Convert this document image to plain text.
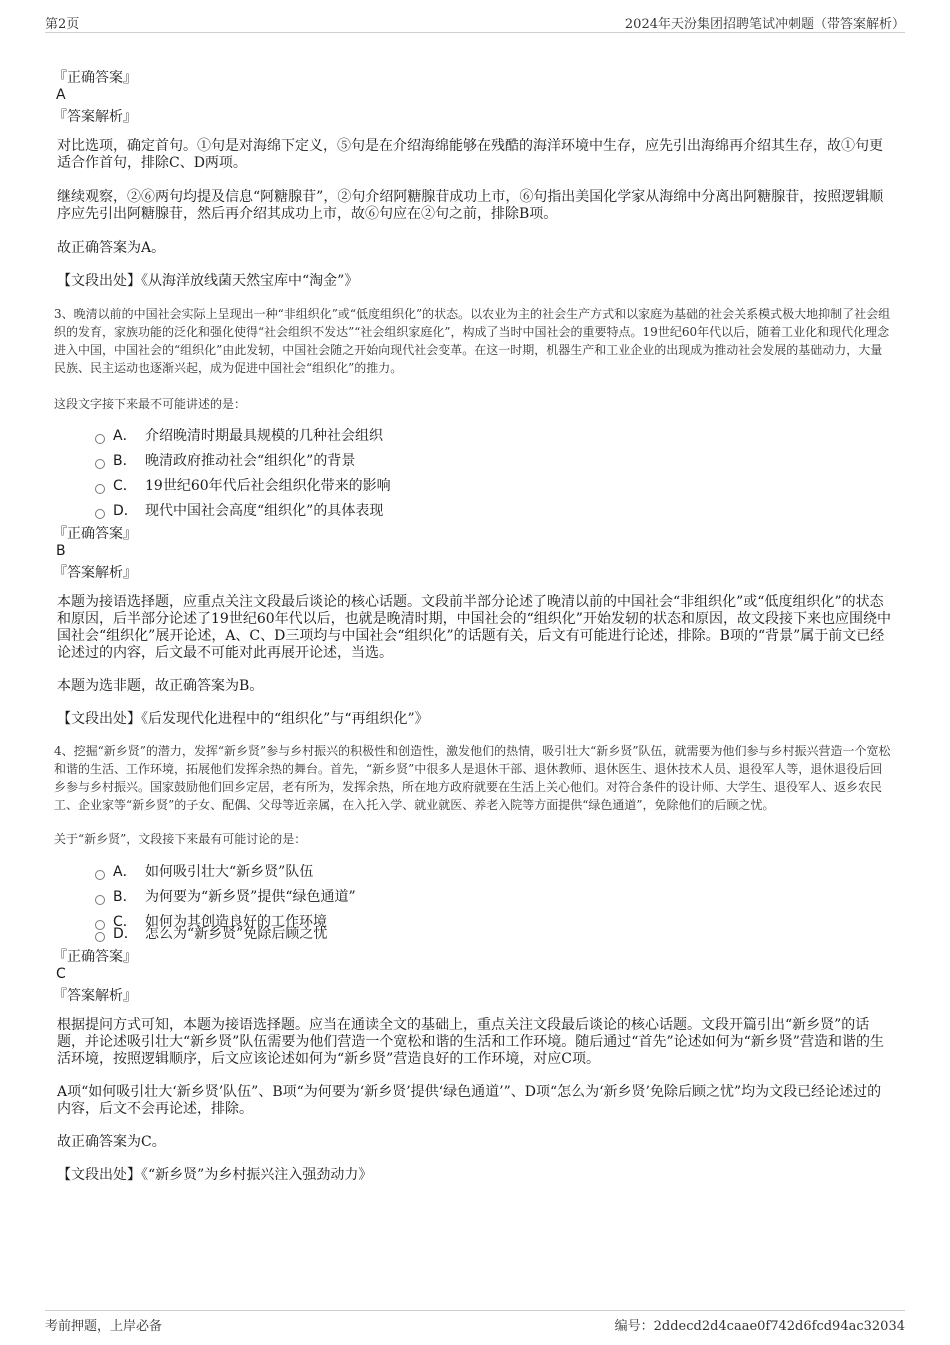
第2页	2024年天汾集团招聘笔试冲刺题（带答案解析）

『正确答案』

A

『答案解析』

对比选项，确定首句。①句是对海绵下定义，⑤句是在介绍海绵能够在残酷的海洋环境中生存，应先引出海绵再介绍其生存，故①句更适合作首句，排除C、D两项。

继续观察，②⑥两句均提及信息“阿糖腺苷”，②句介绍阿糖腺苷成功上市，⑥句指出美国化学家从海绵中分离出阿糖腺苷，按照逻辑顺序应先引出阿糖腺苷，然后再介绍其成功上市，故⑥句应在②句之前，排除B项。

故正确答案为A。

【文段出处】《从海洋放线菌天然宝库中“淘金”》

3、晚清以前的中国社会实际上呈现出一种“非组织化”或“低度组织化”的状态。以农业为主的社会生产方式和以家庭为基础的社会关系模式极大地抑制了社会组织的发育，家族功能的泛化和强化使得“社会组织不发达”“社会组织家庭化”，构成了当时中国社会的重要特点。19世纪60年代以后，随着工业化和现代化理念进入中国，中国社会的“组织化”由此发轫，中国社会随之开始向现代社会变革。在这一时期，机器生产和工业企业的出现成为推动社会发展的基础动力，大量民族、民主运动也逐渐兴起，成为促进中国社会“组织化”的推力。

这段文字接下来最不可能讲述的是：

A． 介绍晚清时期最具规模的几种社会组织
B． 晚清政府推动社会“组织化”的背景
C． 19世纪60年代后社会组织化带来的影响
D． 现代中国社会高度“组织化”的具体表现

『正确答案』

B

『答案解析』

本题为接语选择题，应重点关注文段最后谈论的核心话题。文段前半部分论述了晚清以前的中国社会“非组织化”或“低度组织化”的状态和原因，后半部分论述了19世纪60年代以后，也就是晚清时期，中国社会的“组织化”开始发轫的状态和原因，故文段接下来也应围绕中国社会“组织化”展开论述，A、C、D三项均与中国社会“组织化”的话题有关，后文有可能进行论述，排除。B项的“背景”属于前文已经论述过的内容，后文最不可能对此再展开论述，当选。

本题为选非题，故正确答案为B。

【文段出处】《后发现代化进程中的“组织化”与“再组织化”》

4、挖掘“新乡贤”的潜力，发挥“新乡贤”参与乡村振兴的积极性和创造性，激发他们的热情，吸引壮大“新乡贤”队伍，就需要为他们参与乡村振兴营造一个宽松和谐的生活、工作环境，拓展他们发挥余热的舞台。首先，“新乡贤”中很多人是退休干部、退休教师、退休医生、退休技术人员、退役军人等，退休退役后回乡参与乡村振兴。国家鼓励他们回乡定居，老有所为，发挥余热，所在地方政府就要在生活上关心他们。对符合条件的设计师、大学生、退役军人、返乡农民工、企业家等“新乡贤”的子女、配偶、父母等近亲属，在入托入学、就业就医、养老入院等方面提供“绿色通道”，免除他们的后顾之忧。

关于“新乡贤”，文段接下来最有可能讨论的是：

A． 如何吸引壮大“新乡贤”队伍
B． 为何要为“新乡贤”提供“绿色通道”
C． 如何为其创造良好的工作环境
D． 怎么为“新乡贤”免除后顾之忧

『正确答案』

C

『答案解析』

根据提问方式可知，本题为接语选择题。应当在通读全文的基础上，重点关注文段最后谈论的核心话题。文段开篇引出“新乡贤”的话题，并论述吸引壮大“新乡贤”队伍需要为他们营造一个宽松和谐的生活和工作环境。随后通过“首先”论述如何为“新乡贤”营造和谐的生活环境，按照逻辑顺序，后文应该论述如何为“新乡贤”营造良好的工作环境，对应C项。

A项“如何吸引壮大‘新乡贤’队伍”、B项“为何要为‘新乡贤’提供‘绿色通道’”、D项“怎么为‘新乡贤’免除后顾之忧”均为文段已经论述过的内容，后文不会再论述，排除。

故正确答案为C。

【文段出处】《“新乡贤”为乡村振兴注入强劲动力》

考前押题，上岸必备	编号：2ddecd2d4caae0f742d6fcd94ac32034
